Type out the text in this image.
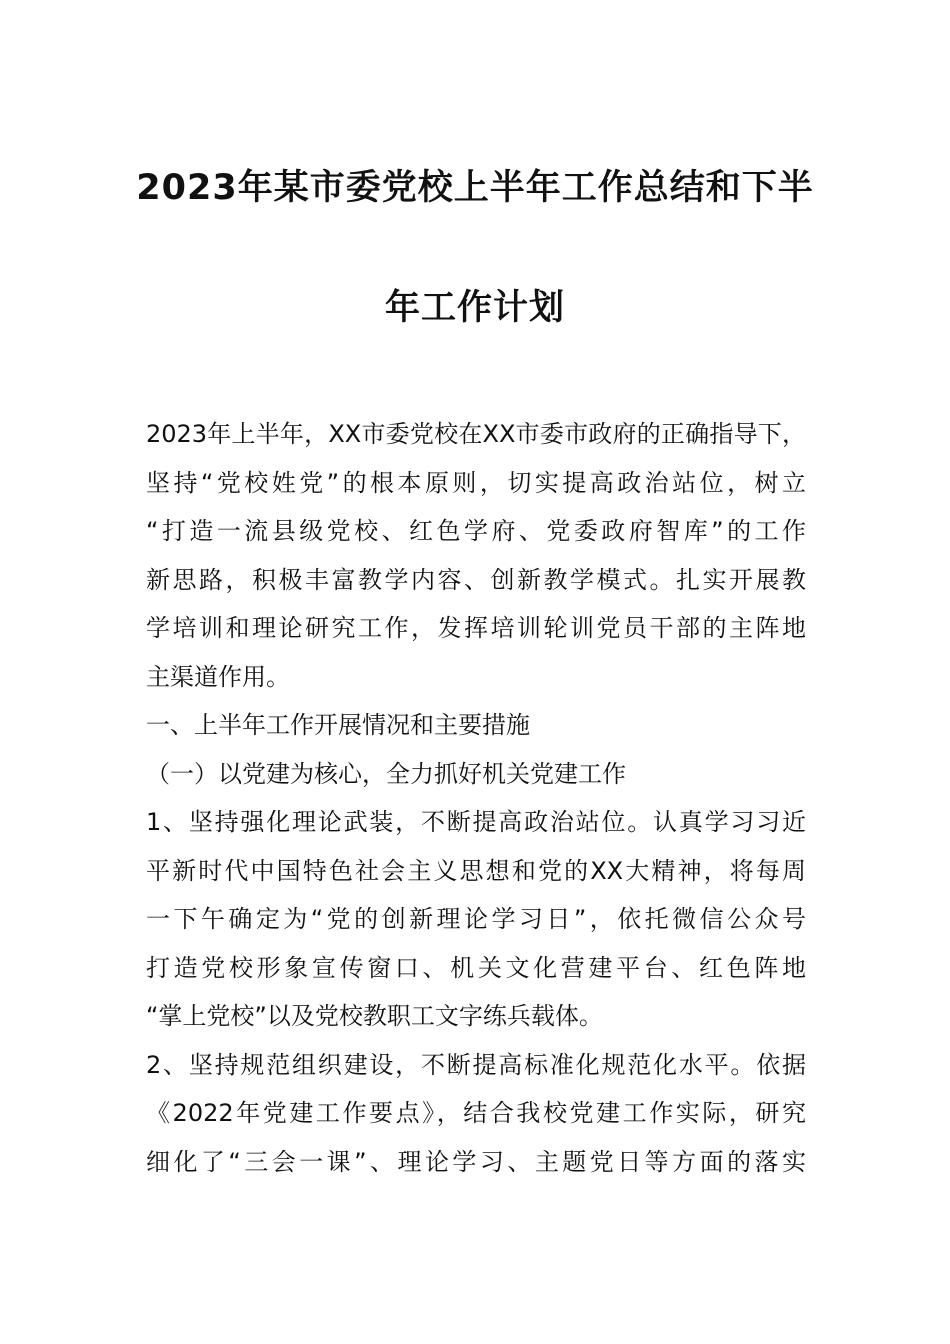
2023年某市委党校上半年工作总结和下半
年工作计划
2023年上半年，XX市委党校在XX市委市政府的正确指导下，
坚持“党校姓党”的根本原则，切实提高政治站位，树立
“打造一流县级党校、红色学府、党委政府智库”的工作
新思路，积极丰富教学内容、创新教学模式。扎实开展教
学培训和理论研究工作，发挥培训轮训党员干部的主阵地
主渠道作用。
一、上半年工作开展情况和主要措施
（一）以党建为核心，全力抓好机关党建工作
1、坚持强化理论武装，不断提高政治站位。认真学习习近
平新时代中国特色社会主义思想和党的XX大精神，将每周
一下午确定为“党的创新理论学习日”，依托微信公众号
打造党校形象宣传窗口、机关文化营建平台、红色阵地
“掌上党校”以及党校教职工文字练兵载体。
2、坚持规范组织建设，不断提高标准化规范化水平。依据
《2022年党建工作要点》，结合我校党建工作实际，研究
细化了“三会一课”、理论学习、主题党日等方面的落实
